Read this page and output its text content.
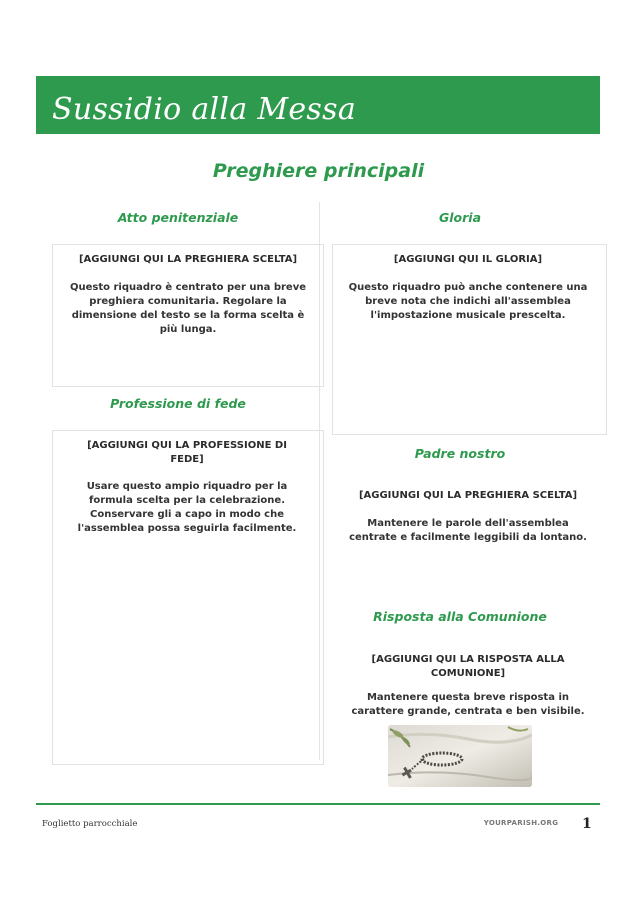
Sussidio alla Messa
Preghiere principali
Atto penitenziale

[AGGIUNGI QUI LA PREGHIERA SCELTA]

Questo riquadro è centrato per una breve preghiera comunitaria. Regolare la dimensione del testo se la forma scelta è più lunga.

Gloria

[AGGIUNGI QUI IL GLORIA]

Questo riquadro può anche contenere una breve nota che indichi all'assemblea l'impostazione musicale prescelta.

Professione di fede

[AGGIUNGI QUI LA PROFESSIONE DI FEDE]

Usare questo ampio riquadro per la formula scelta per la celebrazione. Conservare gli a capo in modo che l'assemblea possa seguirla facilmente.

Padre nostro

[AGGIUNGI QUI LA PREGHIERA SCELTA]

Mantenere le parole dell'assemblea centrate e facilmente leggibili da lontano.

Risposta alla Comunione

[AGGIUNGI QUI LA RISPOSTA ALLA COMUNIONE]

Mantenere questa breve risposta in carattere grande, centrata e ben visibile.

Foglietto parrocchiale	YOURPARISH.ORG	1
